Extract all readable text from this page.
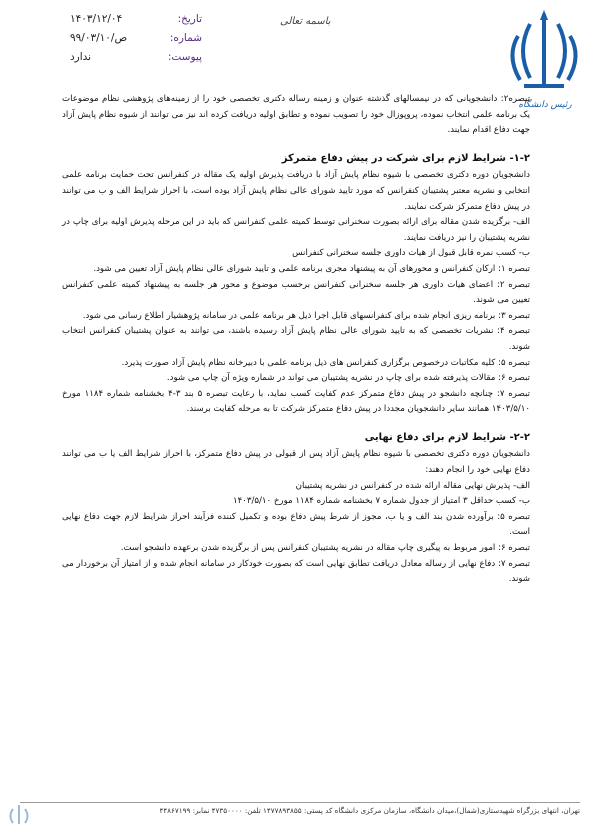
باسمه تعالی
۱۴۰۳/۱۲/۰۴	تاریخ:
۹۹/۰۳/۱۰/ص	شماره:
ندارد	پیوست:
رئیس دانشگاه

تبصره۲: دانشجویانی که در نیمسالهای گذشته عنوان و زمینه رساله دکتری تخصصی خود را از زمینه‌های پژوهشی نظام موضوعات یک برنامه علمی انتخاب نموده، پروپوزال خود را تصویب نموده و تطابق اولیه دریافت کرده اند نیز می توانند از شیوه نظام پایش آزاد جهت دفاع اقدام نمایند.

۱-۲- شرایط لازم برای شرکت در پیش دفاع متمرکز

دانشجویان دوره دکتری تخصصی با شیوه نظام پایش آزاد با دریافت پذیرش اولیه یک مقاله در کنفرانس تحت حمایت برنامه علمی انتخابی و نشریه معتبر پشتیبان کنفرانس که مورد تایید شورای عالی نظام پایش آزاد بوده است، با احراز شرایط الف و ب می توانند در پیش دفاع متمرکز شرکت نمایند.

الف- برگزیده شدن مقاله برای ارائه بصورت سخنرانی توسط کمیته علمی کنفرانس که باید در این مرحله پذیرش اولیه برای چاپ در نشریه پشتیبان را نیز دریافت نمایند.

ب- کسب نمره قابل قبول از هیات داوری جلسه سخنرانی کنفرانس

تبصره ۱: ارکان کنفرانس و محورهای آن به پیشنهاد مجری برنامه علمی و تایید شورای عالی نظام پایش آزاد تعیین می شود.

تبصره ۲: اعضای هیات داوری هر جلسه سخنرانی کنفرانس برحسب موضوع و محور هر جلسه به پیشنهاد کمیته علمی کنفرانس تعیین می شوند.

تبصره ۳: برنامه ریزی انجام شده برای کنفرانسهای قابل اجرا ذیل هر برنامه علمی در سامانه پژوهشیار اطلاع رسانی می شود.

تبصره ۴: نشریات تخصصی که به تایید شورای عالی نظام پایش آزاد رسیده باشند، می توانند به عنوان پشتیبان کنفرانس انتخاب شوند.

تبصره ۵: کلیه مکاتبات درخصوص برگزاری کنفرانس های ذیل برنامه علمی با دبیرخانه نظام پایش آزاد صورت پذیرد.

تبصره ۶: مقالات پذیرفته شده برای چاپ در نشریه پشتیبان می تواند در شماره ویژه آن چاپ می شود.

تبصره ۷: چنانچه دانشجو در پیش دفاع متمرکز عدم کفایت کسب نماید، با رعایت تبصره ۵ بند ۳-۴ بخشنامه شماره ۱۱۸۴ مورخ ۱۴۰۳/۵/۱۰ همانند سایر دانشجویان مجددا در پیش دفاع متمرکز شرکت تا به مرحله کفایت برسند.

۲-۲- شرایط لازم برای دفاع نهایی

دانشجویان دوره دکتری تخصصی با شیوه نظام پایش آزاد پس از قبولی در پیش دفاع متمرکز، با احراز شرایط الف یا ب می توانند دفاع نهایی خود را انجام دهند:

الف- پذیرش نهایی مقاله ارائه شده در کنفرانس در نشریه پشتیبان

ب- کسب حداقل ۳ امتیاز از جدول شماره ۷ بخشنامه شماره ۱۱۸۴ مورخ ۱۴۰۳/۵/۱۰

تبصره ۵: برآورده شدن بند الف و یا ب، مجوز از شرط پیش دفاع بوده و تکمیل کننده فرآیند احراز شرایط لازم جهت دفاع نهایی است.

تبصره ۶: امور مربوط به پیگیری چاپ مقاله در نشریه پشتیبان کنفرانس پس از برگزیده شدن برعهده دانشجو است.

تبصره ۷: دفاع نهایی از رساله معادل دریافت تطابق نهایی است که بصورت خودکار در سامانه انجام شده و از امتیاز آن برخوردار می شوند.

تهران، انتهای بزرگراه شهیدستاری(شمال)،میدان دانشگاه، سازمان مرکزی دانشگاه کد پستی: ۱۴۷۷۸۹۳۸۵۵ تلفن: ۴۷۳۵۰۰۰۰ نمابر: ۴۴۸۶۷۱۹۹
